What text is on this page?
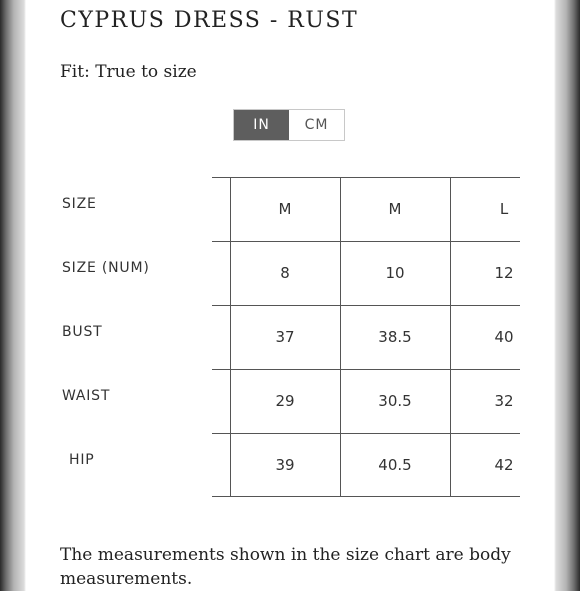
CYPRUS DRESS - RUST
Fit: True to size
IN	CM
SIZE
SIZE (NUM)
BUST
WAIST
HIP
M
8
37
29
39
M
10
38.5
30.5
40.5
L
12
40
32
42
The measurements shown in the size chart are body measurements.
